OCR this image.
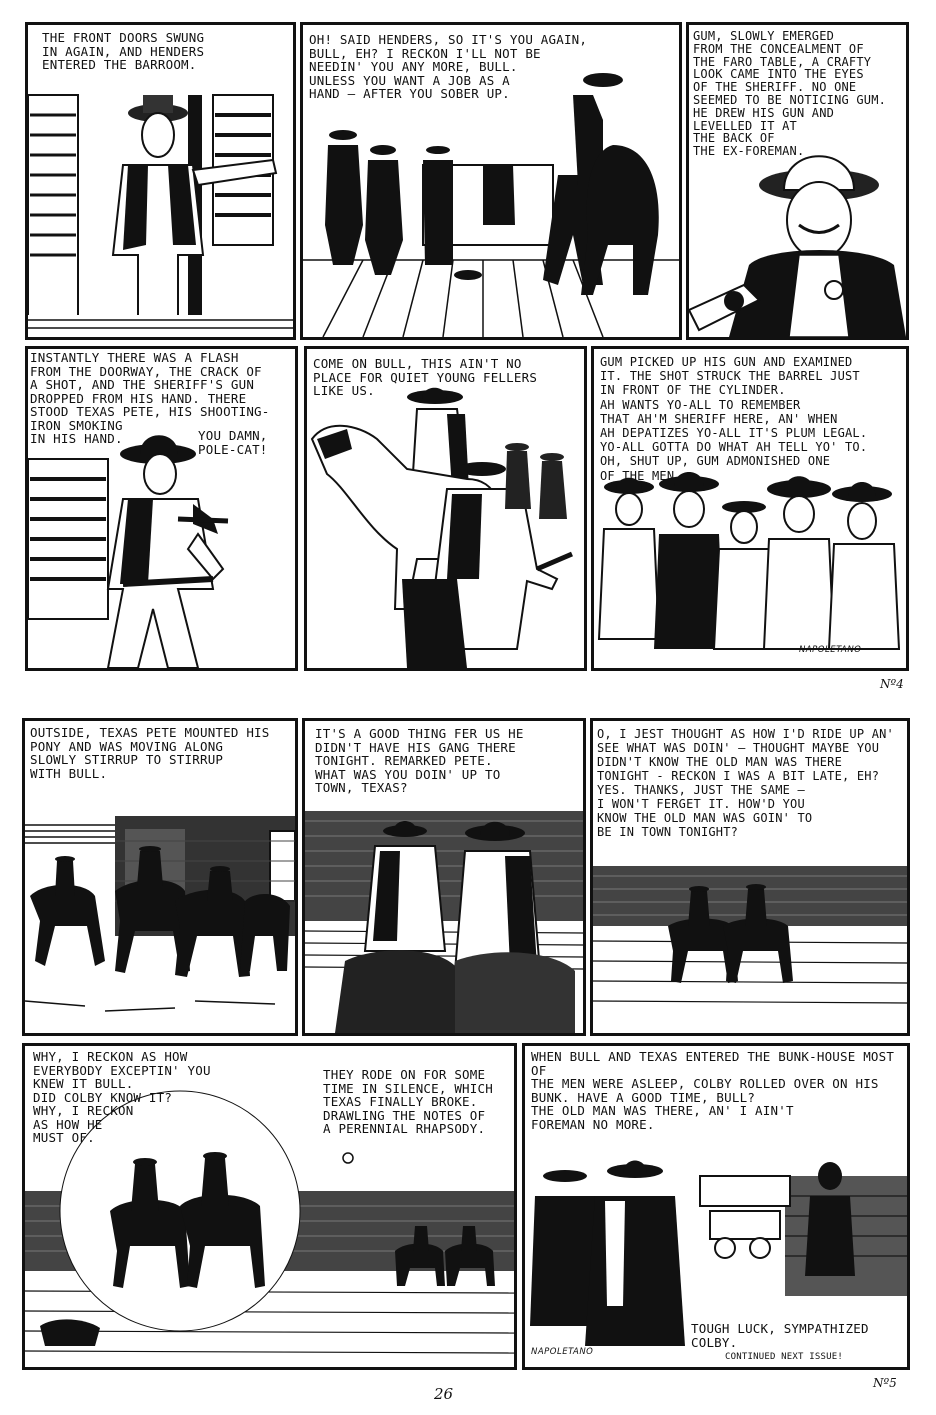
THE FRONT DOORS SWUNG
IN AGAIN, AND HENDERS
ENTERED THE BARROOM.
OH! SAID HENDERS, SO IT'S YOU AGAIN,
BULL, EH? I RECKON I'LL NOT BE
NEEDIN' YOU ANY MORE, BULL.
UNLESS YOU WANT A JOB AS A
HAND — AFTER YOU SOBER UP.
GUM, SLOWLY EMERGED
FROM THE CONCEALMENT OF
THE FARO TABLE, A CRAFTY
LOOK CAME INTO THE EYES
OF THE SHERIFF. NO ONE
SEEMED TO BE NOTICING GUM.
HE DREW HIS GUN AND
LEVELLED IT AT
THE BACK OF
THE EX-FOREMAN.
INSTANTLY THERE WAS A FLASH
FROM THE DOORWAY, THE CRACK OF
A SHOT, AND THE SHERIFF'S GUN
DROPPED FROM HIS HAND. THERE
STOOD TEXAS PETE, HIS SHOOTING-
IRON SMOKING
IN HIS HAND.	YOU DAMN,
POLE-CAT!
COME ON BULL, THIS AIN'T NO
PLACE FOR QUIET YOUNG FELLERS
LIKE US.
GUM PICKED UP HIS GUN AND EXAMINED
IT. THE SHOT STRUCK THE BARREL JUST
IN FRONT OF THE CYLINDER.
AH WANTS YO-ALL TO REMEMBER
THAT AH'M SHERIFF HERE, AN' WHEN
AH DEPATIZES YO-ALL IT'S PLUM LEGAL.
YO-ALL GOTTA DO WHAT AH TELL YO' TO.
OH, SHUT UP, GUM ADMONISHED ONE
OF THE MEN.
NAPOLETANO
Nº4
OUTSIDE, TEXAS PETE MOUNTED HIS
PONY AND WAS MOVING ALONG
SLOWLY STIRRUP TO STIRRUP
WITH BULL.
IT'S A GOOD THING FER US HE
DIDN'T HAVE HIS GANG THERE
TONIGHT. REMARKED PETE.
WHAT WAS YOU DOIN' UP TO
TOWN, TEXAS?
O, I JEST THOUGHT AS HOW I'D RIDE UP AN'
SEE WHAT WAS DOIN' — THOUGHT MAYBE YOU
DIDN'T KNOW THE OLD MAN WAS THERE
TONIGHT - RECKON I WAS A BIT LATE, EH?
YES. THANKS, JUST THE SAME —
I WON'T FERGET IT. HOW'D YOU
KNOW THE OLD MAN WAS GOIN' TO
BE IN TOWN TONIGHT?
WHY, I RECKON AS HOW
EVERYBODY EXCEPTIN' YOU
KNEW IT BULL.
DID COLBY KNOW IT?
WHY, I RECKON
AS HOW HE
MUST OF.
THEY RODE ON FOR SOME
TIME IN SILENCE, WHICH
TEXAS FINALLY BROKE.
DRAWLING THE NOTES OF
A PERENNIAL RHAPSODY.
WHEN BULL AND TEXAS ENTERED THE BUNK-HOUSE MOST OF
THE MEN WERE ASLEEP, COLBY ROLLED OVER ON HIS
BUNK. HAVE A GOOD TIME, BULL?
THE OLD MAN WAS THERE, AN' I AIN'T
FOREMAN NO MORE.
TOUGH LUCK, SYMPATHIZED
COLBY.
NAPOLETANO	CONTINUED NEXT ISSUE!
Nº5
26
